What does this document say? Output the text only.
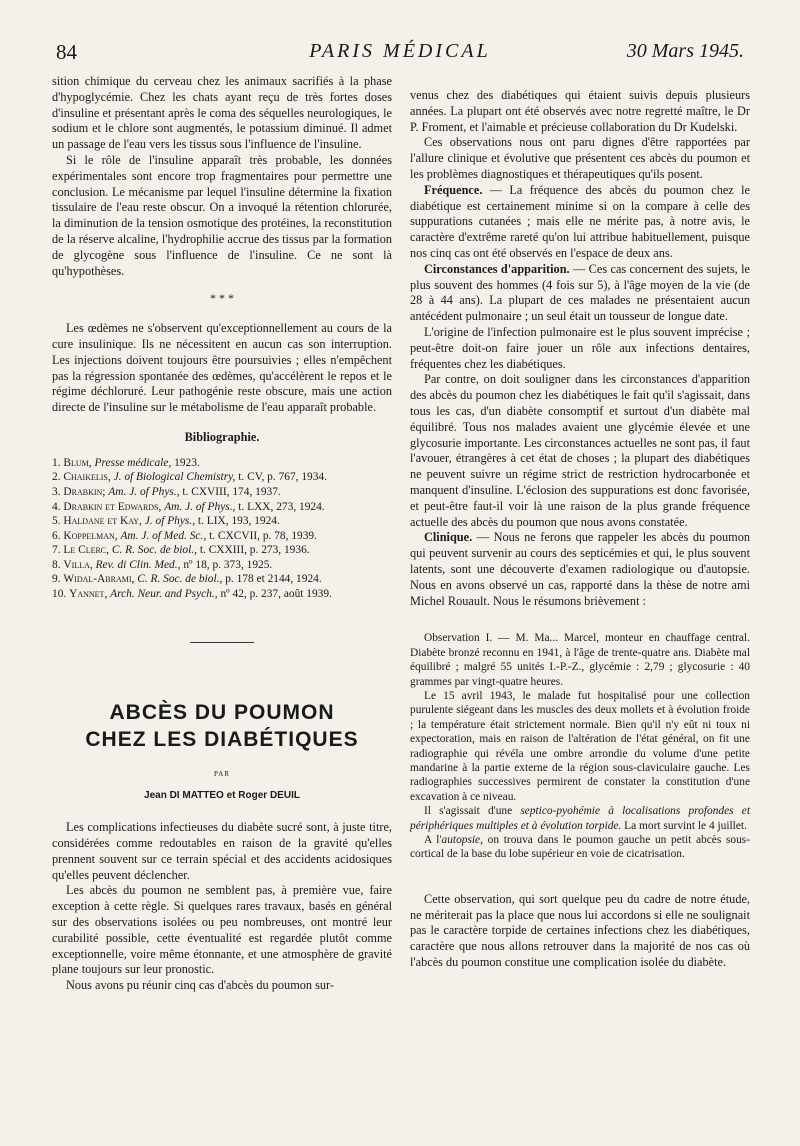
84	PARIS MÉDICAL	30 Mars 1945.

sition chimique du cerveau chez les animaux sacrifiés à la phase d'hypoglycémie. Chez les chats ayant reçu de très fortes doses d'insuline et présentant après le coma des séquelles neurologiques, le sodium et le chlore sont augmentés, le potassium diminué. Il admet un passage de l'eau vers les tissus sous l'influence de l'insuline.

Si le rôle de l'insuline apparaît très probable, les données expérimentales sont encore trop fragmentaires pour permettre une conclusion. Le mécanisme par lequel l'insuline détermine la fixation tissulaire de l'eau reste obscur. On a invoqué la rétention chlorurée, la diminution de la tension osmotique des protéines, la reconstitution de la réserve alcaline, l'hydrophilie accrue des tissus par la formation de glycogène sous l'influence de l'insuline. Ce ne sont là qu'hypothèses.

* * *

Les œdèmes ne s'observent qu'exceptionnellement au cours de la cure insulinique. Ils ne nécessitent en aucun cas son interruption. Les injections doivent toujours être poursuivies ; elles n'empêchent pas la régression spontanée des œdèmes, qu'accélèrent le repos et le régime déchloruré. Leur pathogénie reste obscure, mais une action directe de l'insuline sur le métabolisme de l'eau apparaît probable.

Bibliographie.
1. Blum, Presse médicale, 1923.
2. Chaikelis, J. of Biological Chemistry, t. CV, p. 767, 1934.
3. Drabkin; Am. J. of Phys., t. CXVIII, 174, 1937.
4. Drabkin et Edwards, Am. J. of Phys., t. LXX, 273, 1924.
5. Haldane et Kay, J. of Phys., t. LIX, 193, 1924.
6. Koppelman, Am. J. of Med. Sc., t. CXCVII, p. 78, 1939.
7. Le Clerc, C. R. Soc. de biol., t. CXXIII, p. 273, 1936.
8. Villa, Rev. di Clin. Med., nº 18, p. 373, 1925.
9. Widal-Abrami, C. R. Soc. de biol., p. 178 et 2144, 1924.
10. Yannet, Arch. Neur. and Psych., nº 42, p. 237, août 1939.
ABCÈS DU POUMON
CHEZ LES DIABÉTIQUES
PAR
Jean DI MATTEO et Roger DEUIL

Les complications infectieuses du diabète sucré sont, à juste titre, considérées comme redoutables en raison de la gravité qu'elles prennent souvent sur ce terrain spécial et des accidents acidosiques qu'elles peuvent déclencher.

Les abcès du poumon ne semblent pas, à première vue, faire exception à cette règle. Si quelques rares travaux, basés en général sur des observations isolées ou peu nombreuses, ont montré leur curabilité possible, cette éventualité est regardée plutôt comme exceptionnelle, voire même étonnante, et une atmosphère de gravité plane toujours sur leur pronostic.

Nous avons pu réunir cinq cas d'abcès du poumon sur-

venus chez des diabétiques qui étaient suivis depuis plusieurs années. La plupart ont été observés avec notre regretté maître, le Dr P. Froment, et l'aimable et précieuse collaboration du Dr Kudelski.

Ces observations nous ont paru dignes d'être rapportées par l'allure clinique et évolutive que présentent ces abcès du poumon et les problèmes diagnostiques et thérapeutiques qu'ils posent.

Fréquence. — La fréquence des abcès du poumon chez le diabétique est certainement minime si on la compare à celle des suppurations cutanées ; mais elle ne mérite pas, à notre avis, le caractère d'extrême rareté qu'on lui attribue habituellement, puisque nos cinq cas ont été observés en l'espace de deux ans.

Circonstances d'apparition. — Ces cas concernent des sujets, le plus souvent des hommes (4 fois sur 5), à l'âge moyen de la vie (de 28 à 44 ans). La plupart de ces malades ne présentaient aucun antécédent pulmonaire ; un seul était un tousseur de longue date.

L'origine de l'infection pulmonaire est le plus souvent imprécise ; peut-être doit-on faire jouer un rôle aux infections dentaires, fréquentes chez les diabétiques.

Par contre, on doit souligner dans les circonstances d'apparition des abcès du poumon chez les diabétiques le fait qu'il s'agissait, dans tous les cas, d'un diabète consomptif et surtout d'un diabète mal équilibré. Tous nos malades avaient une glycémie élevée et une glycosurie importante. Les circonstances actuelles ne sont pas, il faut l'avouer, étrangères à cet état de choses ; la plupart des diabétiques ne peuvent suivre un régime strict de restriction hydrocarbonée et manquent d'insuline. L'éclosion des suppurations est donc favorisée, et peut-être faut-il voir là une raison de la plus grande fréquence actuelle des abcès du poumon que nous avons constatée.

Clinique. — Nous ne ferons que rappeler les abcès du poumon qui peuvent survenir au cours des septicémies et qui, le plus souvent latents, sont une découverte d'examen radiologique ou d'autopsie. Nous en avons observé un cas, rapporté dans la thèse de notre ami Michel Rouault. Nous le résumons brièvement :

Observation I. — M. Ma... Marcel, monteur en chauffage central. Diabète bronzé reconnu en 1941, à l'âge de trente-quatre ans. Diabète mal équilibré ; malgré 55 unités I.-P.-Z., glycémie : 2,79 ; glycosurie : 40 grammes par vingt-quatre heures.

Le 15 avril 1943, le malade fut hospitalisé pour une collection purulente siégeant dans les muscles des deux mollets et à évolution froide ; la température était strictement normale. Bien qu'il n'y eût ni toux ni expectoration, mais en raison de l'altération de l'état général, on fit une radiographie qui révéla une ombre arrondie du volume d'une petite mandarine à la partie externe de la région sous-claviculaire gauche. Les radiographies successives permirent de constater la constitution d'une excavation à ce niveau.

Il s'agissait d'une septico-pyohémie à localisations profondes et périphériques multiples et à évolution torpide. La mort survint le 4 juillet.

A l'autopsie, on trouva dans le poumon gauche un petit abcès sous-cortical de la base du lobe supérieur en voie de cicatrisation.

Cette observation, qui sort quelque peu du cadre de notre étude, ne mériterait pas la place que nous lui accordons si elle ne soulignait pas le caractère torpide de certaines infections chez les diabétiques, caractère que nous allons retrouver dans la majorité de nos cas où l'abcès du poumon constitue une complication isolée du diabète.
